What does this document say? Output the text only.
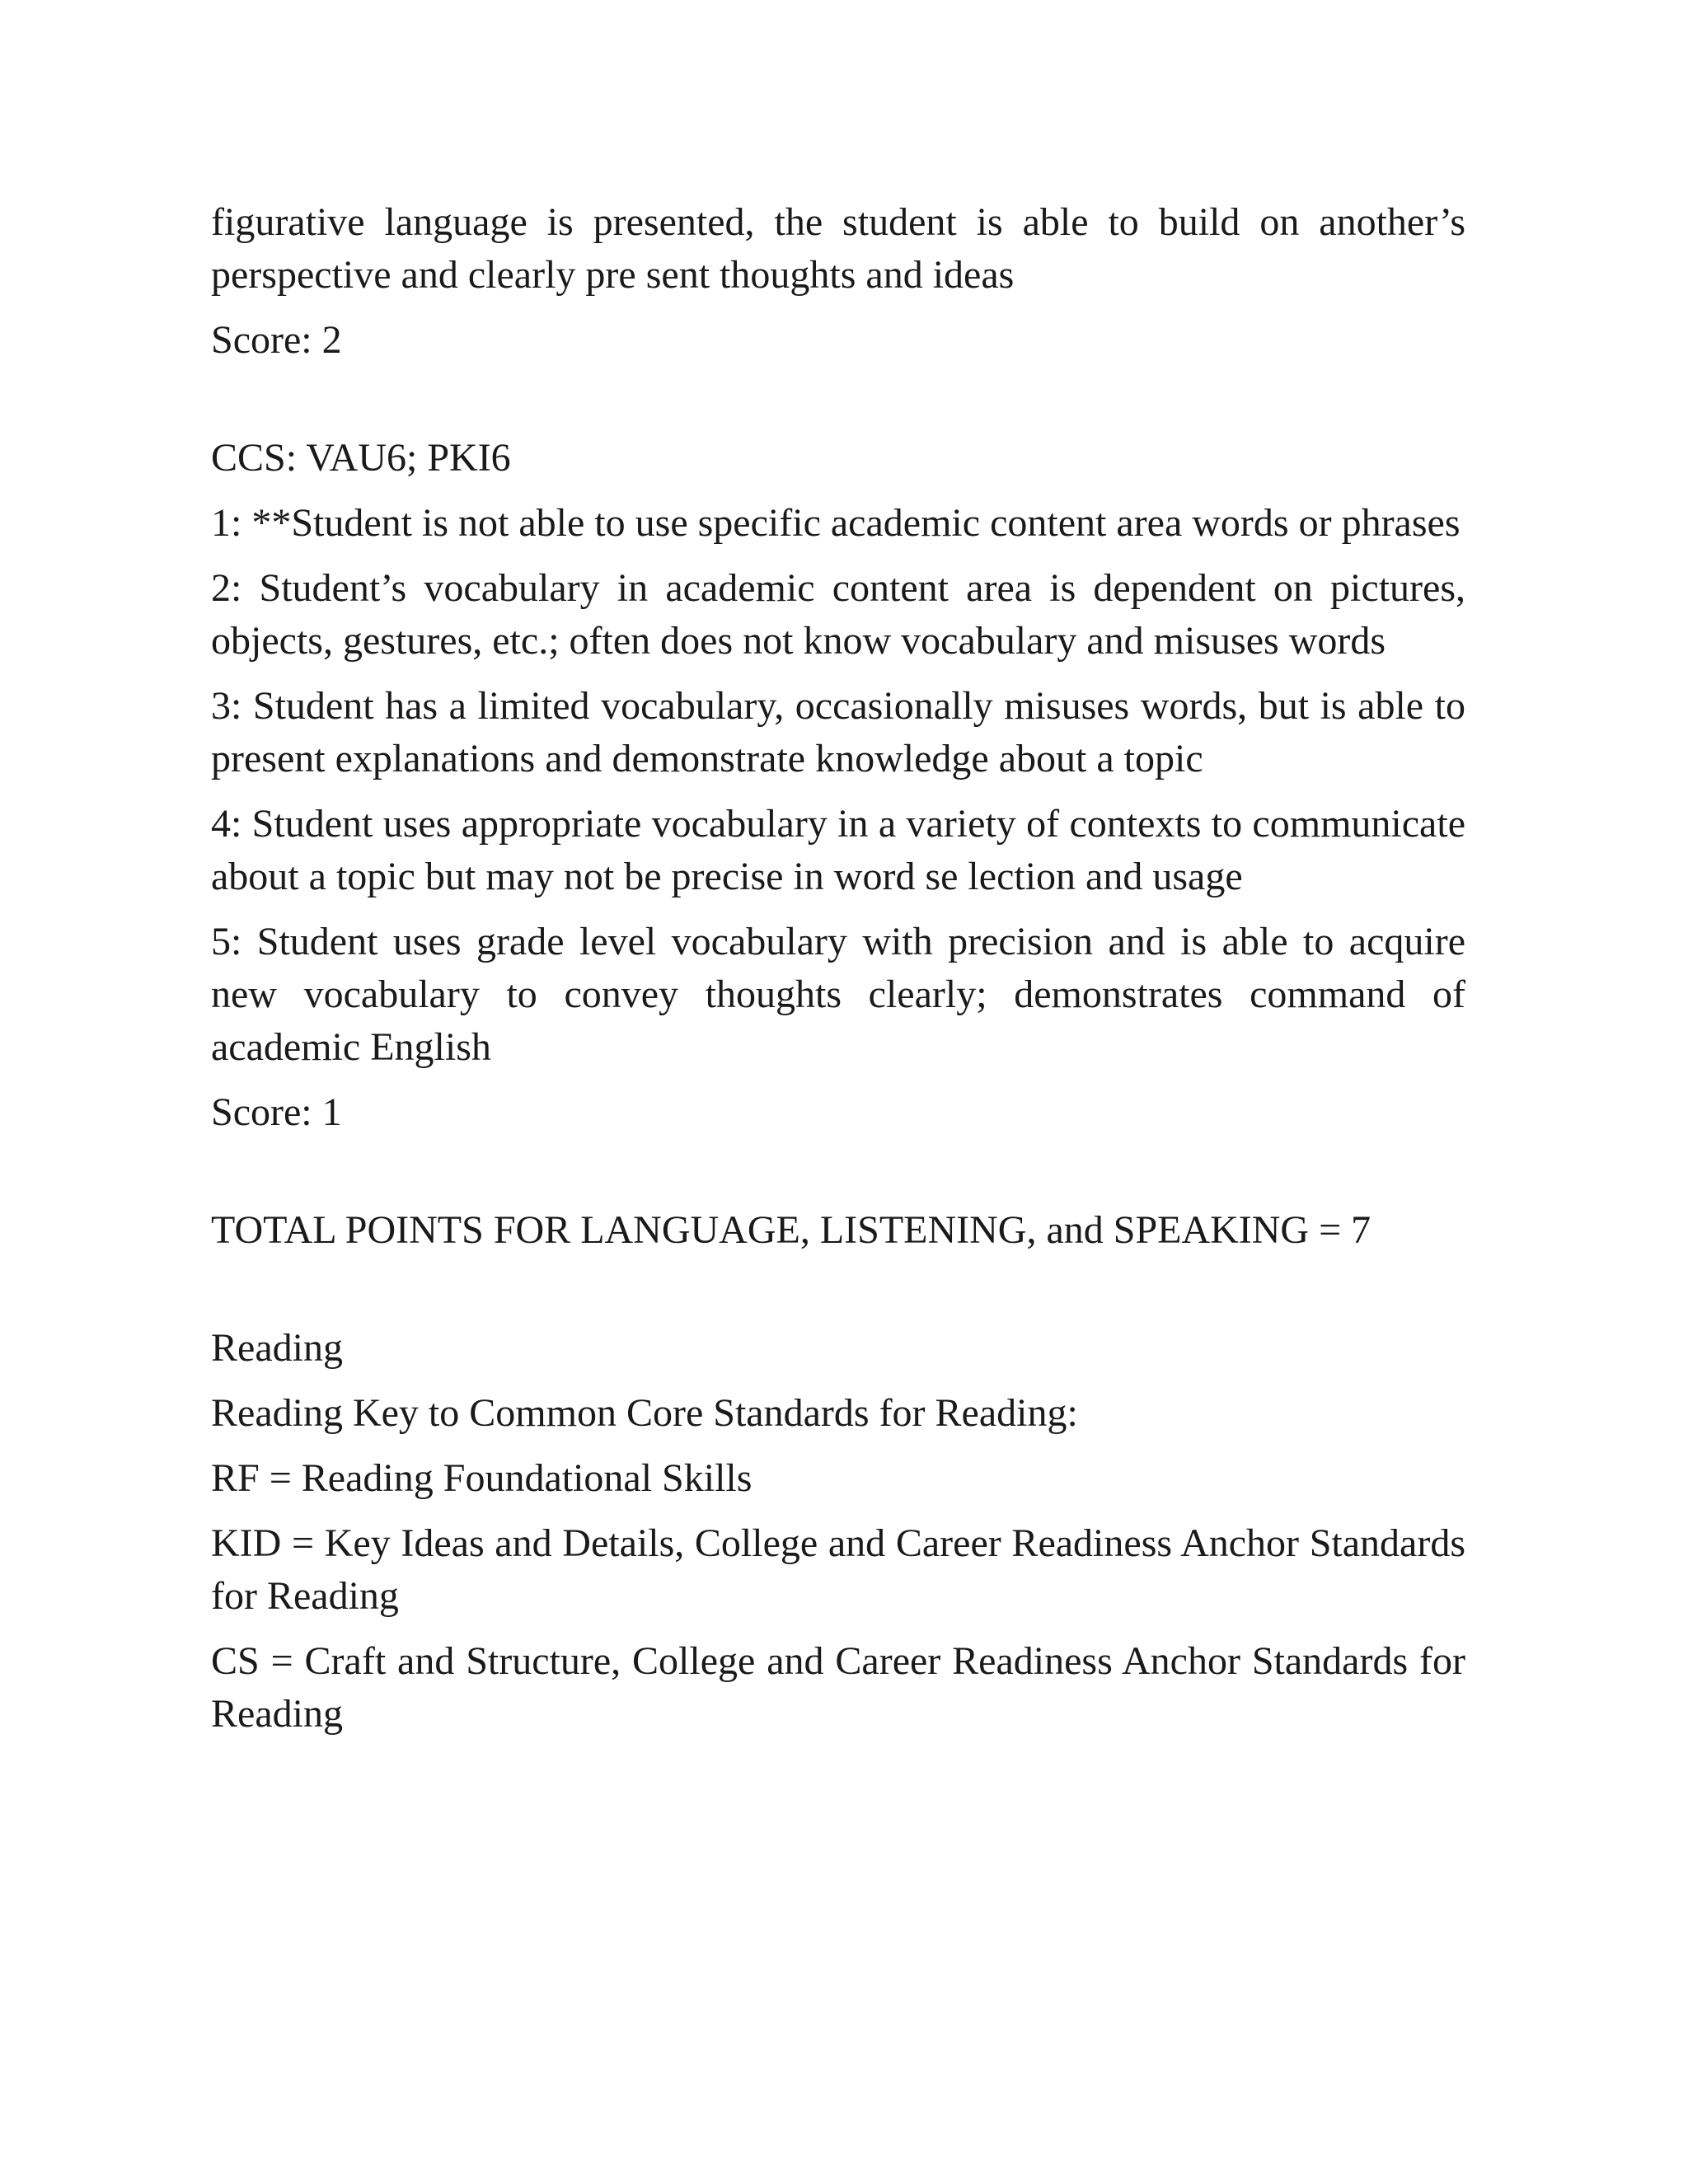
figurative language is presented, the student is able to build on another’s perspective and clearly pre sent thoughts and ideas

Score: 2

CCS: VAU6; PKI6

1: **Student is not able to use specific academic content area words or phrases

2: Student’s vocabulary in academic content area is dependent on pictures, objects, gestures, etc.; often does not know vocabulary and misuses words

3: Student has a limited vocabulary, occasionally misuses words, but is able to present explanations and demonstrate knowledge about a topic

4: Student uses appropriate vocabulary in a variety of contexts to communicate about a topic but may not be precise in word se lection and usage

5: Student uses grade level vocabulary with precision and is able to acquire new vocabulary to convey thoughts clearly; demonstrates command of academic English

Score: 1

TOTAL POINTS FOR LANGUAGE, LISTENING, and SPEAKING = 7

Reading

Reading Key to Common Core Standards for Reading:

RF = Reading Foundational Skills

KID = Key Ideas and Details, College and Career Readiness Anchor Standards for Reading

CS = Craft and Structure, College and Career Readiness Anchor Standards for Reading
